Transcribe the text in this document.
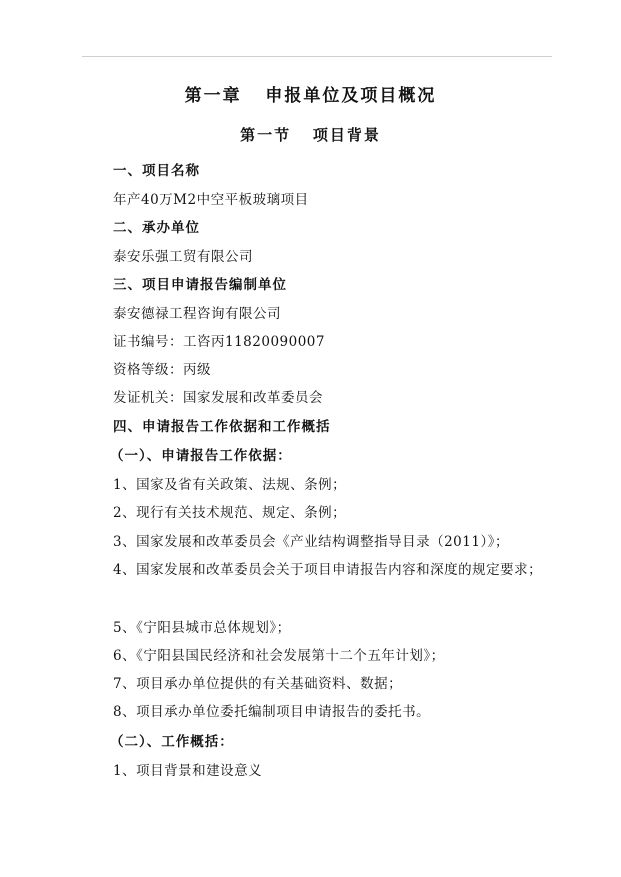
第一章   申报单位及项目概况
第一节   项目背景
一、项目名称
年产40万M2中空平板玻璃项目
二、承办单位
泰安乐强工贸有限公司
三、项目申请报告编制单位
泰安德禄工程咨询有限公司
证书编号：工咨丙11820090007
资格等级：丙级
发证机关：国家发展和改革委员会
四、申请报告工作依据和工作概括
（一）、申请报告工作依据：
1、国家及省有关政策、法规、条例；
2、现行有关技术规范、规定、条例；
3、国家发展和改革委员会《产业结构调整指导目录（2011）》；
4、国家发展和改革委员会关于项目申请报告内容和深度的规定要求；
5、《宁阳县城市总体规划》；
6、《宁阳县国民经济和社会发展第十二个五年计划》；
7、项目承办单位提供的有关基础资料、数据；
8、项目承办单位委托编制项目申请报告的委托书。
（二）、工作概括：
1、项目背景和建设意义
